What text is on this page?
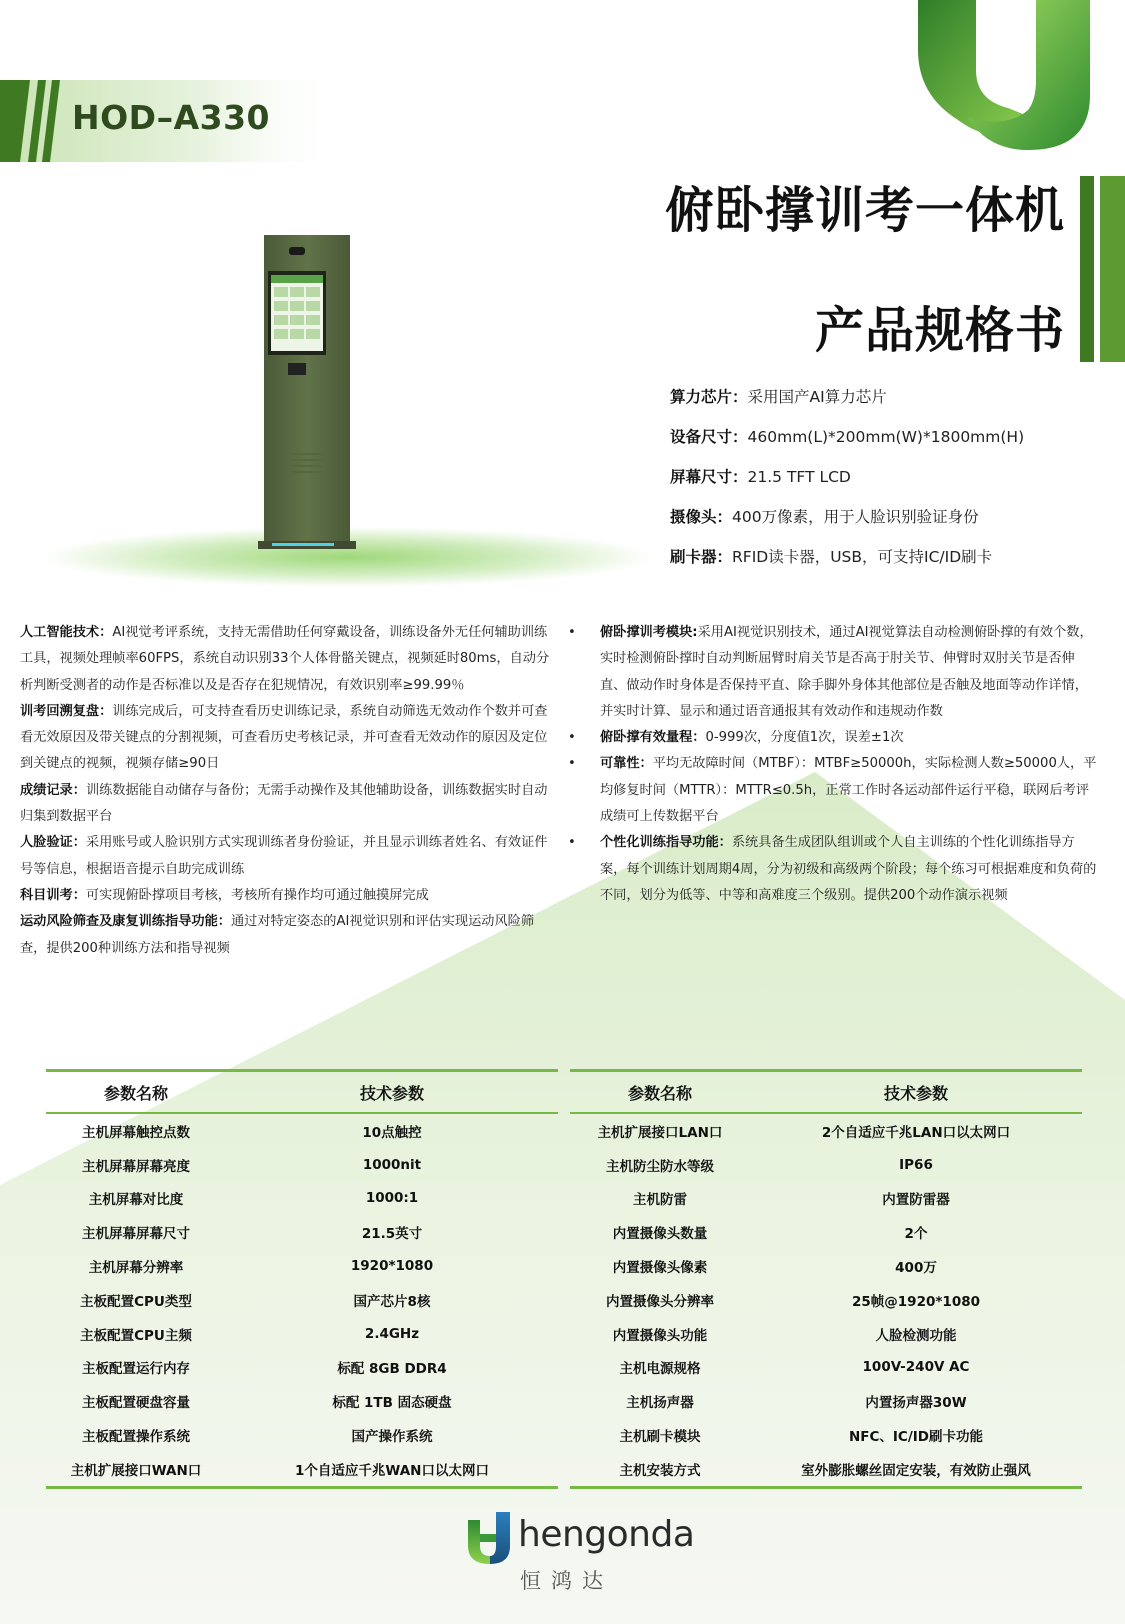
HOD–A330
俯卧撑训考一体机
产品规格书
算力芯片：采用国产AI算力芯片
设备尺寸：460mm(L)*200mm(W)*1800mm(H)
屏幕尺寸：21.5 TFT LCD
摄像头：400万像素，用于人脸识别验证身份
刷卡器：RFID读卡器，USB，可支持IC/ID刷卡

人工智能技术：AI视觉考评系统，支持无需借助任何穿戴设备，训练设备外无任何辅助训练工具，视频处理帧率60FPS，系统自动识别33个人体骨骼关键点，视频延时80ms，自动分析判断受测者的动作是否标准以及是否存在犯规情况，有效识别率≥99.99％

训考回溯复盘：训练完成后，可支持查看历史训练记录，系统自动筛选无效动作个数并可查看无效原因及带关键点的分割视频，可查看历史考核记录，并可查看无效动作的原因及定位到关键点的视频，视频存储≥90日

成绩记录：训练数据能自动储存与备份；无需手动操作及其他辅助设备，训练数据实时自动归集到数据平台

人脸验证：采用账号或人脸识别方式实现训练者身份验证，并且显示训练者姓名、有效证件号等信息，根据语音提示自助完成训练

科目训考：可实现俯卧撑项目考核，考核所有操作均可通过触摸屏完成

运动风险筛查及康复训练指导功能：通过对特定姿态的AI视觉识别和评估实现运动风险筛查，提供200种训练方法和指导视频

• 俯卧撑训考模块:采用AI视觉识别技术，通过AI视觉算法自动检测俯卧撑的有效个数，实时检测俯卧撑时自动判断屈臂时肩关节是否高于肘关节、伸臂时双肘关节是否伸直、做动作时身体是否保持平直、除手脚外身体其他部位是否触及地面等动作详情，并实时计算、显示和通过语音通报其有效动作和违规动作数

• 俯卧撑有效量程：0-999次，分度值1次，误差±1次

• 可靠性：平均无故障时间（MTBF）：MTBF≥50000h，实际检测人数≥50000人，平均修复时间（MTTR）：MTTR≤0.5h，正常工作时各运动部件运行平稳，联网后考评成绩可上传数据平台

• 个性化训练指导功能：系统具备生成团队组训或个人自主训练的个性化训练指导方案，每个训练计划周期4周，分为初级和高级两个阶段；每个练习可根据难度和负荷的不同，划分为低等、中等和高难度三个级别。提供200个动作演示视频

参数名称	技术参数
主机屏幕触控点数	10点触控
主机屏幕屏幕亮度	1000nit
主机屏幕对比度	1000:1
主机屏幕屏幕尺寸	21.5英寸
主机屏幕分辨率	1920*1080
主板配置CPU类型	国产芯片8核
主板配置CPU主频	2.4GHz
主板配置运行内存	标配 8GB DDR4
主板配置硬盘容量	标配 1TB 固态硬盘
主板配置操作系统	国产操作系统
主机扩展接口WAN口	1个自适应千兆WAN口以太网口
参数名称	技术参数
主机扩展接口LAN口	2个自适应千兆LAN口以太网口
主机防尘防水等级	IP66
主机防雷	内置防雷器
内置摄像头数量	2个
内置摄像头像素	400万
内置摄像头分辨率	25帧@1920*1080
内置摄像头功能	人脸检测功能
主机电源规格	100V-240V AC
主机扬声器	内置扬声器30W
主机刷卡模块	NFC、IC/ID刷卡功能
主机安装方式	室外膨胀螺丝固定安装，有效防止强风
hengonda
恒鸿达
